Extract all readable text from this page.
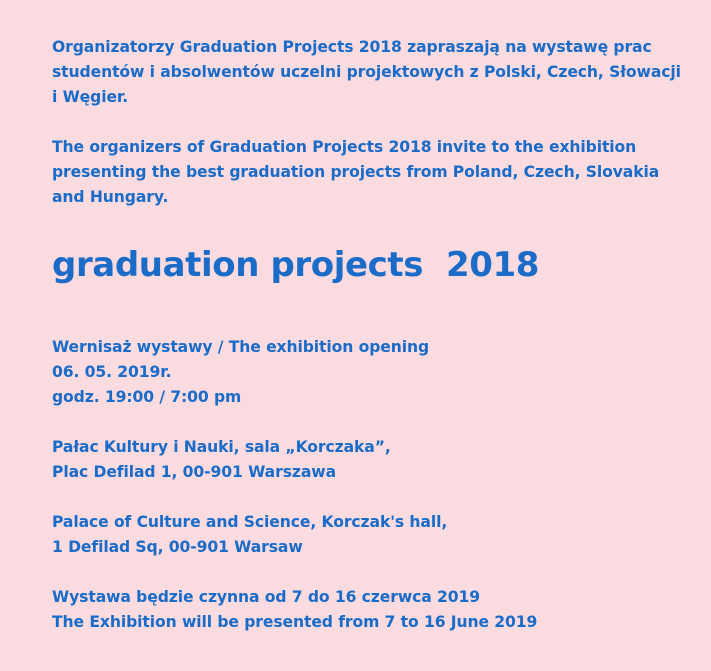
Organizatorzy Graduation Projects 2018 zapraszają na wystawę prac
studentów i absolwentów uczelni projektowych z Polski, Czech, Słowacji
i Węgier.

The organizers of Graduation Projects 2018 invite to the exhibition
presenting the best graduation projects from Poland, Czech, Slovakia
and Hungary.

graduation projects  2018

Wernisaż wystawy / The exhibition opening
06. 05. 2019r.
godz. 19:00 / 7:00 pm

Pałac Kultury i Nauki, sala „Korczaka”,
Plac Defilad 1, 00-901 Warszawa

Palace of Culture and Science, Korczak's hall,
1 Defilad Sq, 00-901 Warsaw

Wystawa będzie czynna od 7 do 16 czerwca 2019
The Exhibition will be presented from 7 to 16 June 2019
